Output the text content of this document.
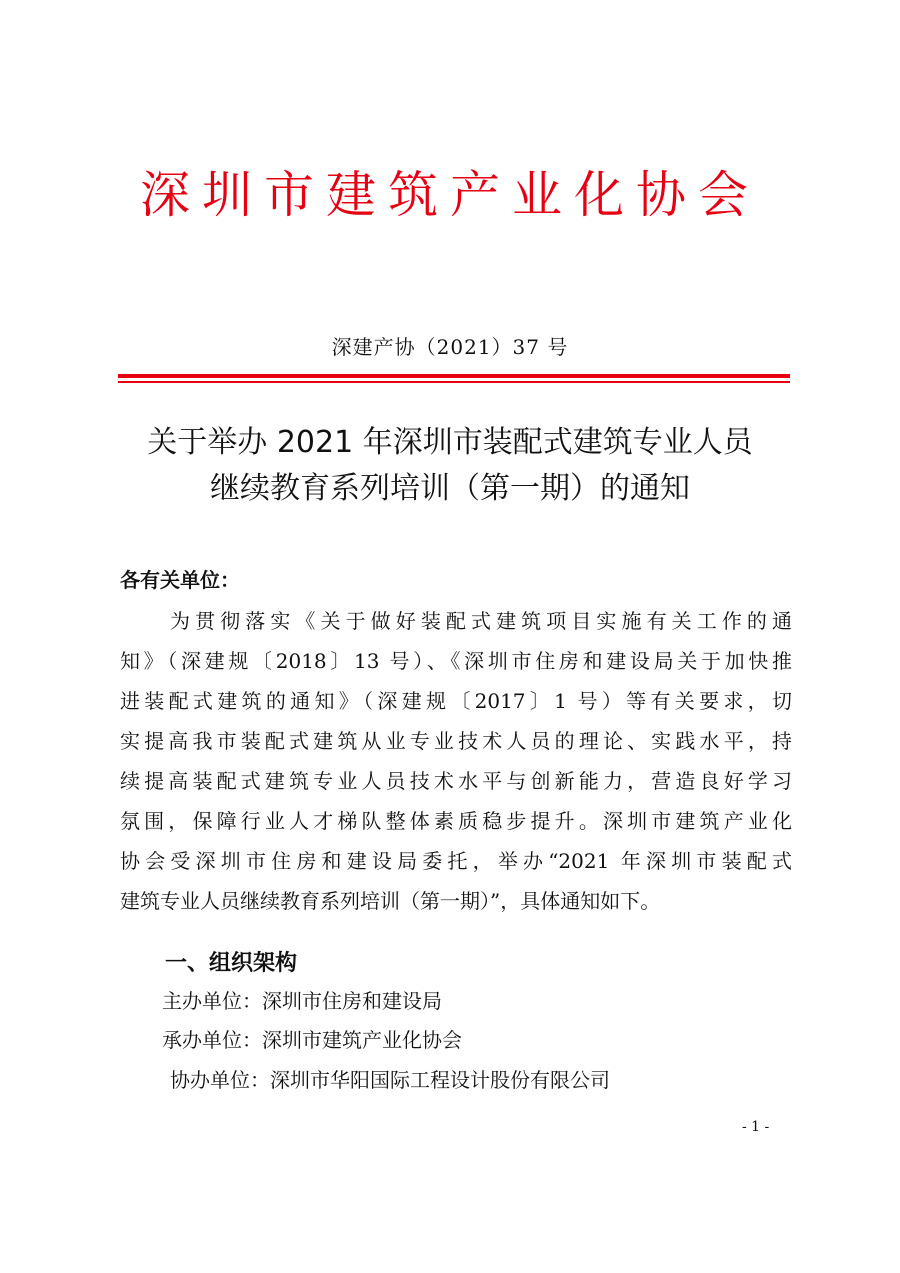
深圳市建筑产业化协会
深建产协（2021）37 号
关于举办 2021 年深圳市装配式建筑专业人员
继续教育系列培训（第一期）的通知
各有关单位：
为贯彻落实《关于做好装配式建筑项目实施有关工作的通
知》（深建规〔2018〕13 号）、《深圳市住房和建设局关于加快推
进装配式建筑的通知》（深建规〔2017〕1 号）等有关要求，切
实提高我市装配式建筑从业专业技术人员的理论、实践水平，持
续提高装配式建筑专业人员技术水平与创新能力，营造良好学习
氛围，保障行业人才梯队整体素质稳步提升。深圳市建筑产业化
协会受深圳市住房和建设局委托，举办“2021 年深圳市装配式
建筑专业人员继续教育系列培训（第一期）”，具体通知如下。
一、组织架构
主办单位：深圳市住房和建设局
承办单位：深圳市建筑产业化协会
协办单位：深圳市华阳国际工程设计股份有限公司
- 1 -
